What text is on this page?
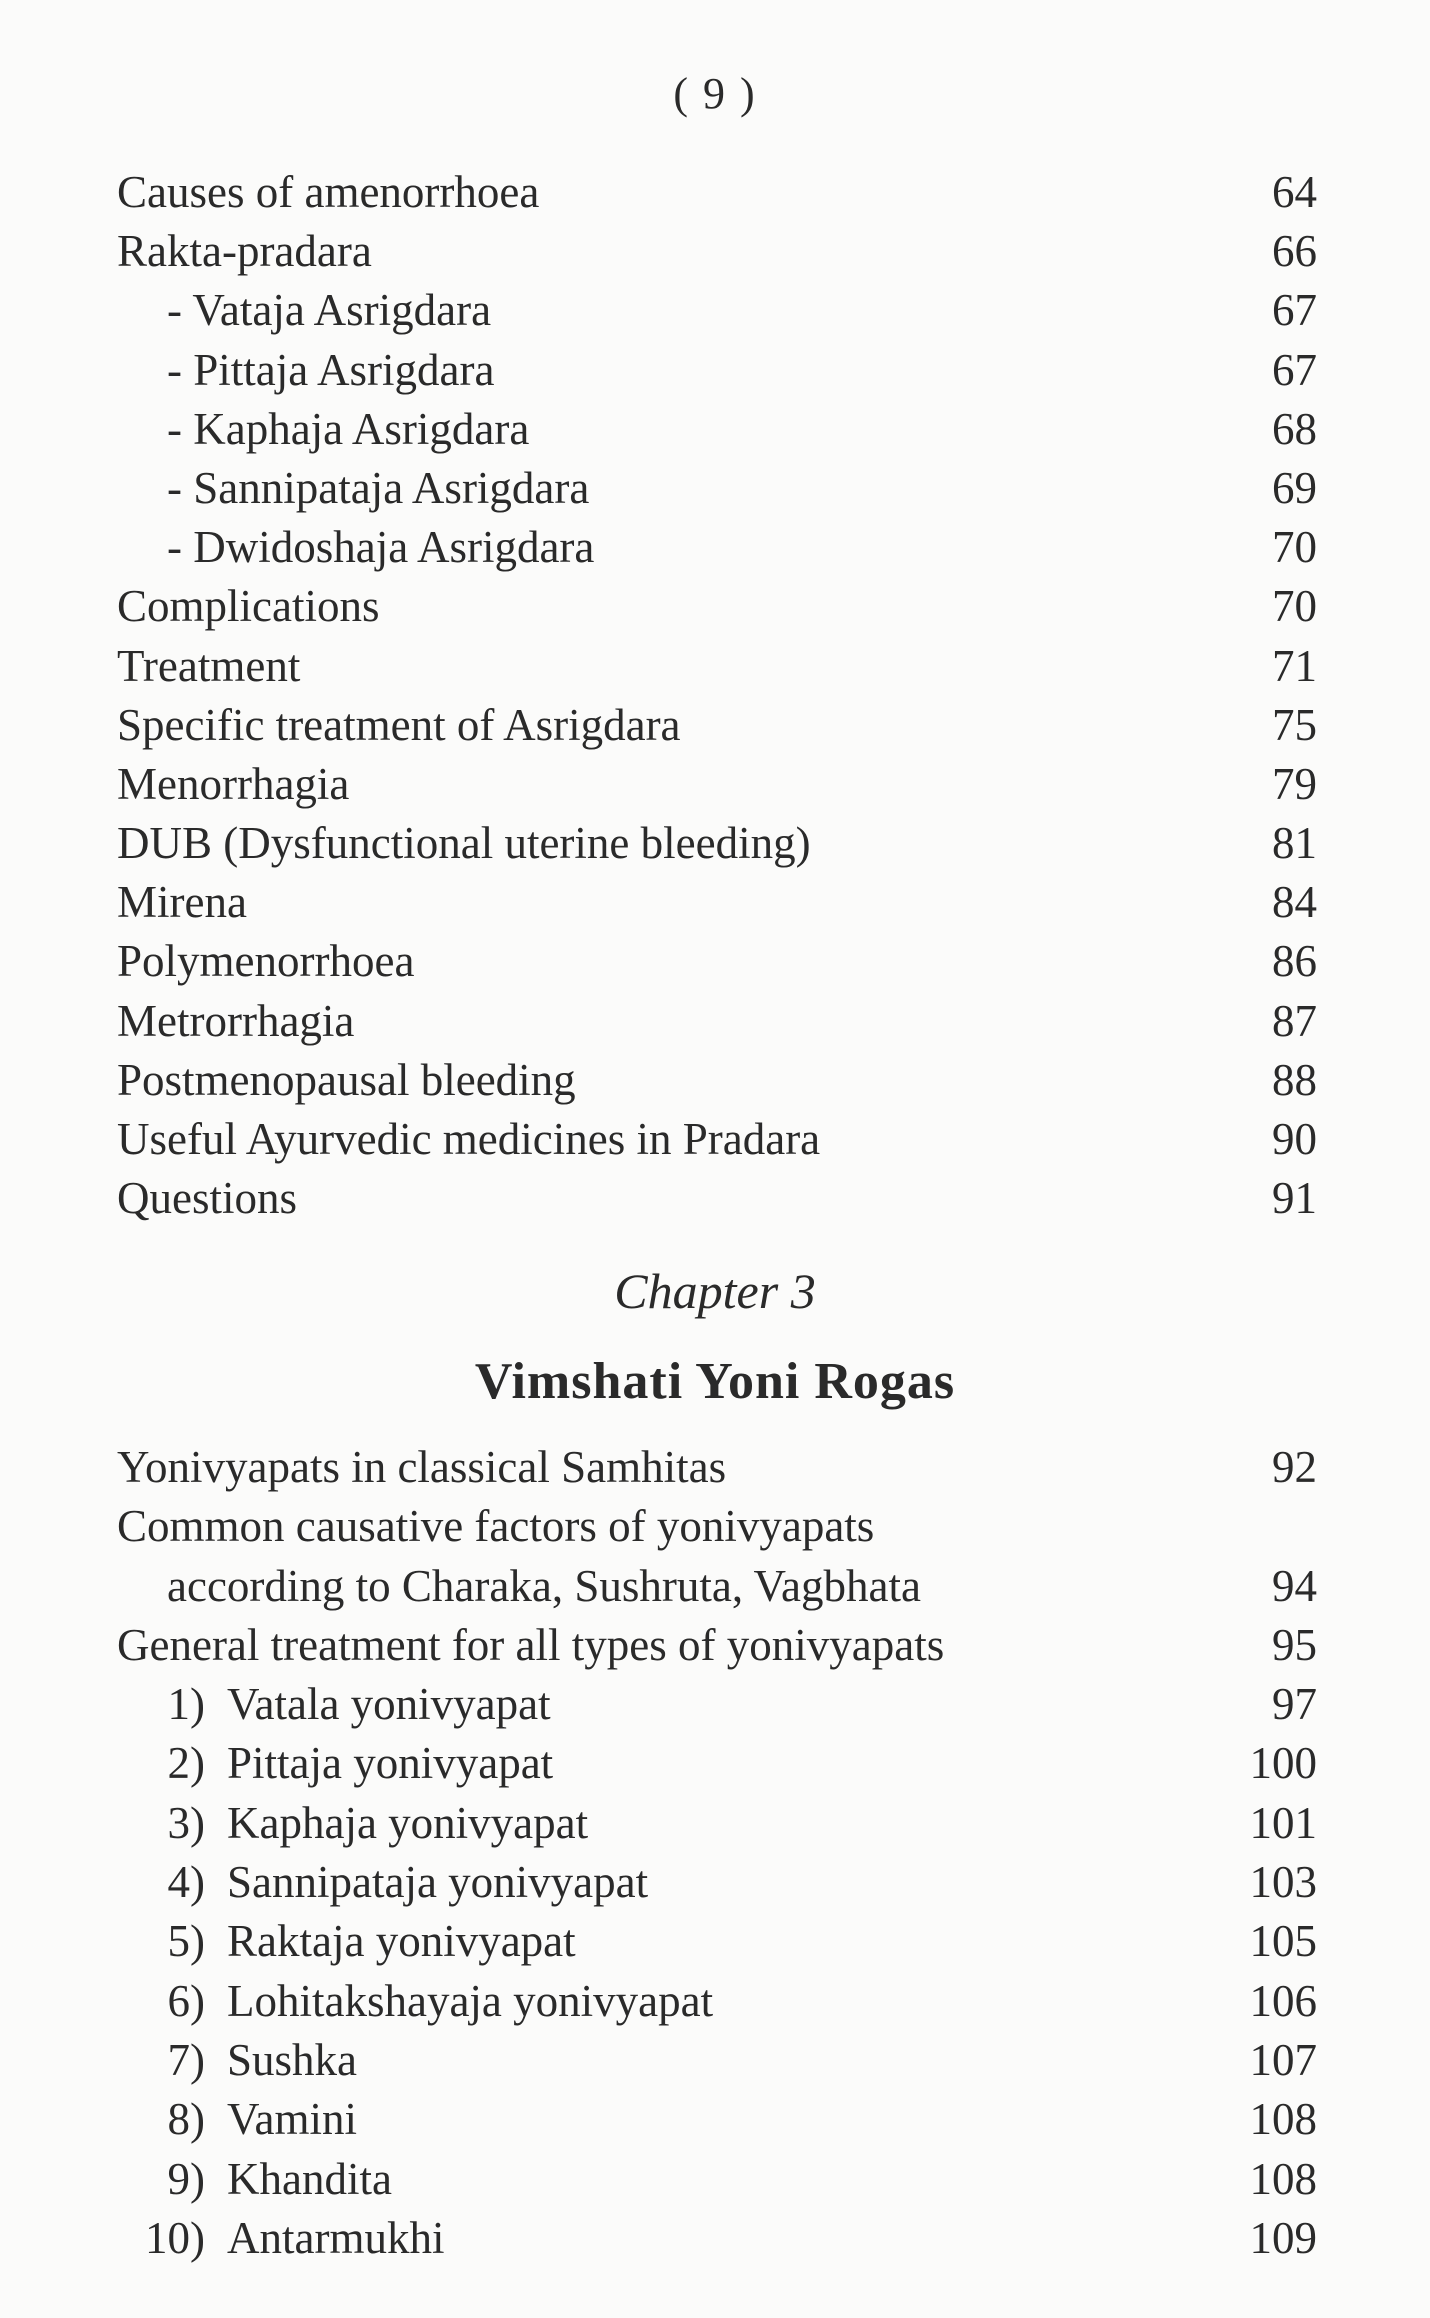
( 9 )
Causes of amenorrhoea	64
Rakta-pradara	66
- Vataja Asrigdara	67
- Pittaja Asrigdara	67
- Kaphaja Asrigdara	68
- Sannipataja Asrigdara	69
- Dwidoshaja Asrigdara	70
Complications	70
Treatment	71
Specific treatment of Asrigdara	75
Menorrhagia	79
DUB (Dysfunctional uterine bleeding)	81
Mirena	84
Polymenorrhoea	86
Metrorrhagia	87
Postmenopausal bleeding	88
Useful Ayurvedic medicines in Pradara	90
Questions	91
Chapter 3
Vimshati Yoni Rogas
Yonivyapats in classical Samhitas	92
Common causative factors of yonivyapats
according to Charaka, Sushruta, Vagbhata	94
General treatment for all types of yonivyapats	95
1) Vatala yonivyapat	97
2) Pittaja yonivyapat	100
3) Kaphaja yonivyapat	101
4) Sannipataja yonivyapat	103
5) Raktaja yonivyapat	105
6) Lohitakshayaja yonivyapat	106
7) Sushka	107
8) Vamini	108
9) Khandita	108
10) Antarmukhi	109
